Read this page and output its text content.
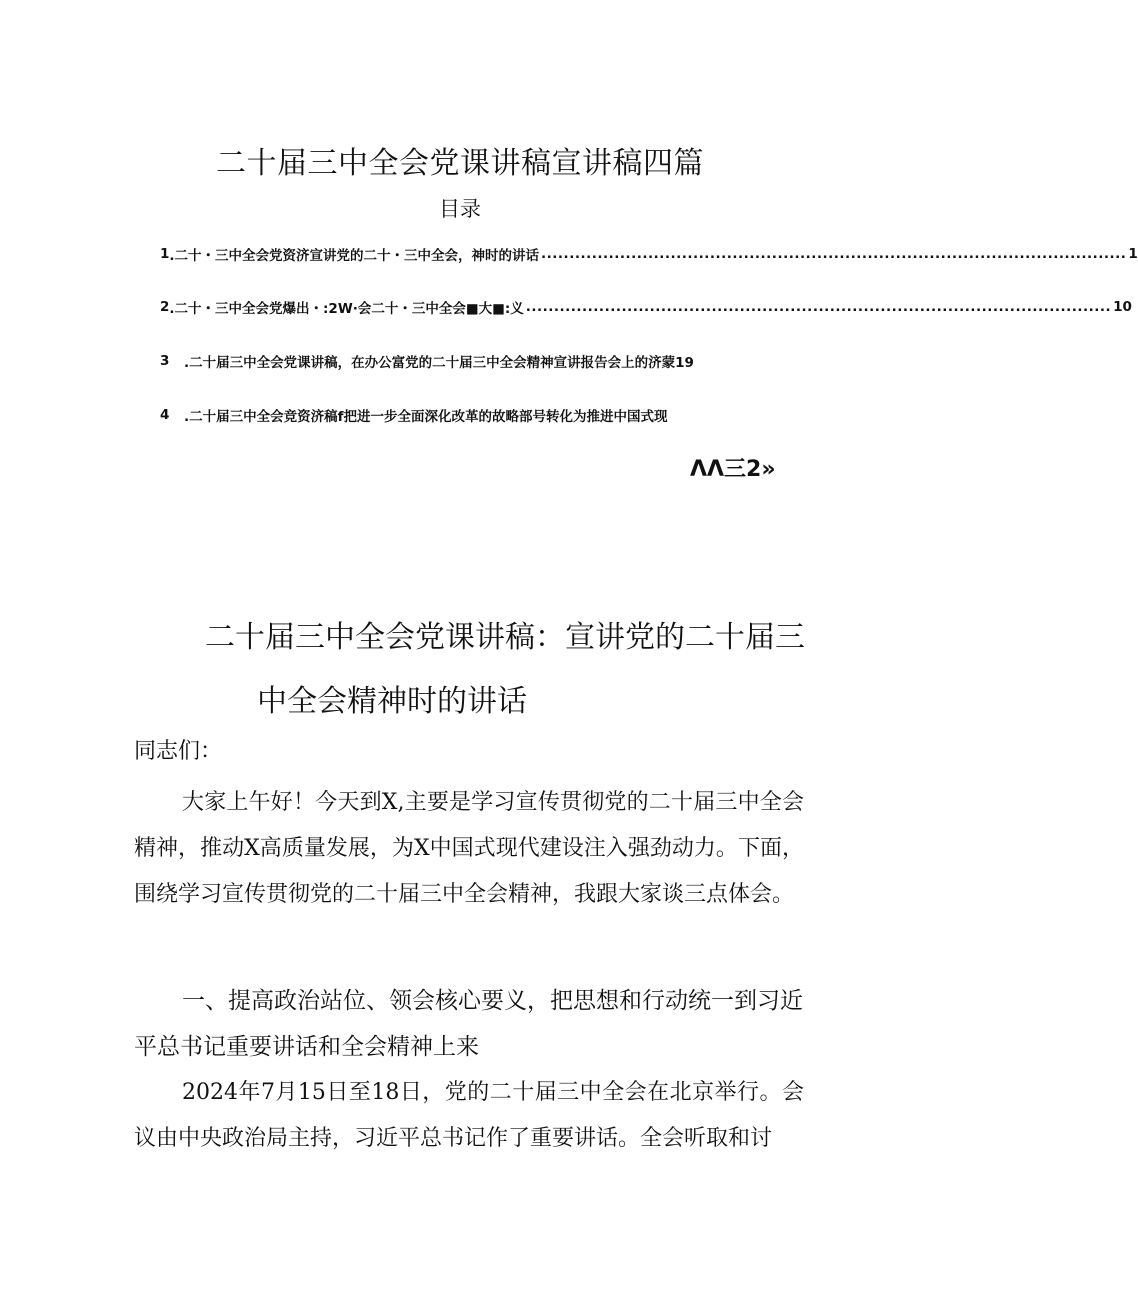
二十届三中全会党课讲稿宣讲稿四篇
目录
1 .二十・三中全会党资济宣讲党的二十・三中全会，神时的讲话 ........................................................................................................ 1
2 .二十・三中全会党爆出・:2W·会二十・三中全会■大■:义 ........................................................................................................ 10
3	.二十届三中全会党课讲稿，在办公富党的二十届三中全会精神宣讲报告会上的济蒙19
4	.二十届三中全会竞资济稿f把进一步全面深化改革的故略部号转化为推进中国式现
ΛΛ三2»
二十届三中全会党课讲稿：宣讲党的二十届三
中全会精神时的讲话
同志们：

大家上午好！今天到X,主要是学习宣传贯彻党的二十届三中全会精神，推动X高质量发展，为X中国式现代建设注入强劲动力。下面，围绕学习宣传贯彻党的二十届三中全会精神，我跟大家谈三点体会。

一、提高政治站位、领会核心要义，把思想和行动统一到习近平总书记重要讲话和全会精神上来

2024年7月15日至18日，党的二十届三中全会在北京举行。会议由中央政治局主持，习近平总书记作了重要讲话。全会听取和讨
